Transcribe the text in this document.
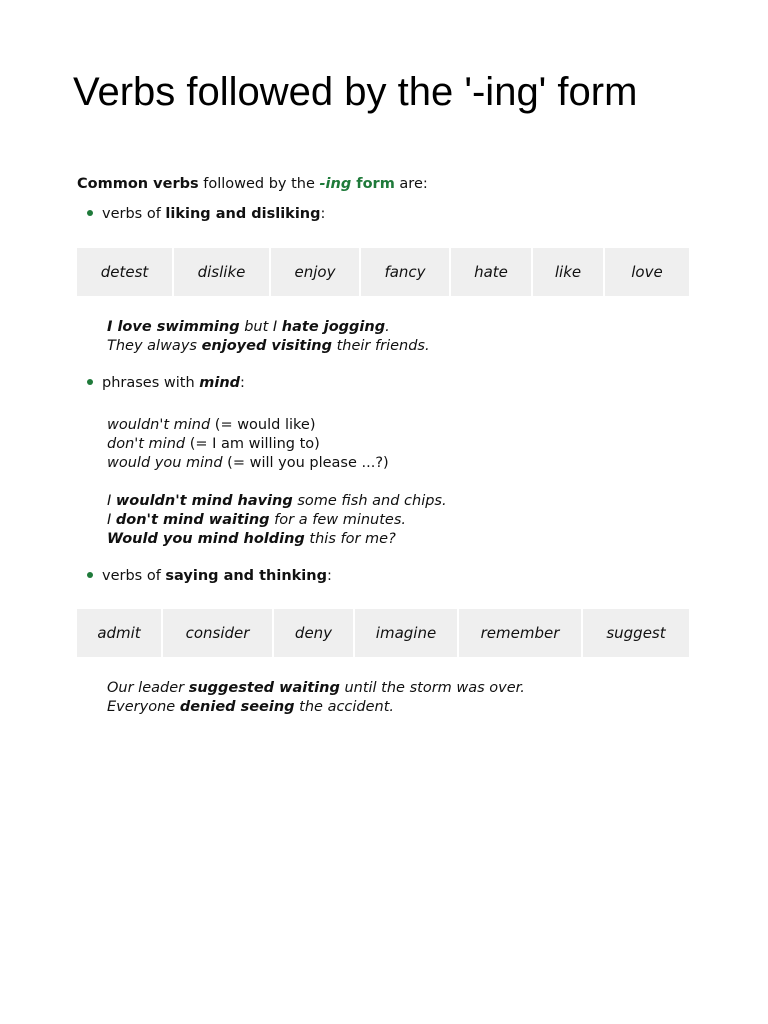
Verbs followed by the '-ing' form
Common verbs followed by the -ing form are:
verbs of liking and disliking:
detest	dislike	enjoy	fancy	hate	like	love
I love swimming but I hate jogging.
They always enjoyed visiting their friends.
phrases with mind:
wouldn't mind (= would like)
don't mind (= I am willing to)
would you mind (= will you please ...?)
I wouldn't mind having some fish and chips.
I don't mind waiting for a few minutes.
Would you mind holding this for me?
verbs of saying and thinking:
admit	consider	deny	imagine	remember	suggest
Our leader suggested waiting until the storm was over.
Everyone denied seeing the accident.
